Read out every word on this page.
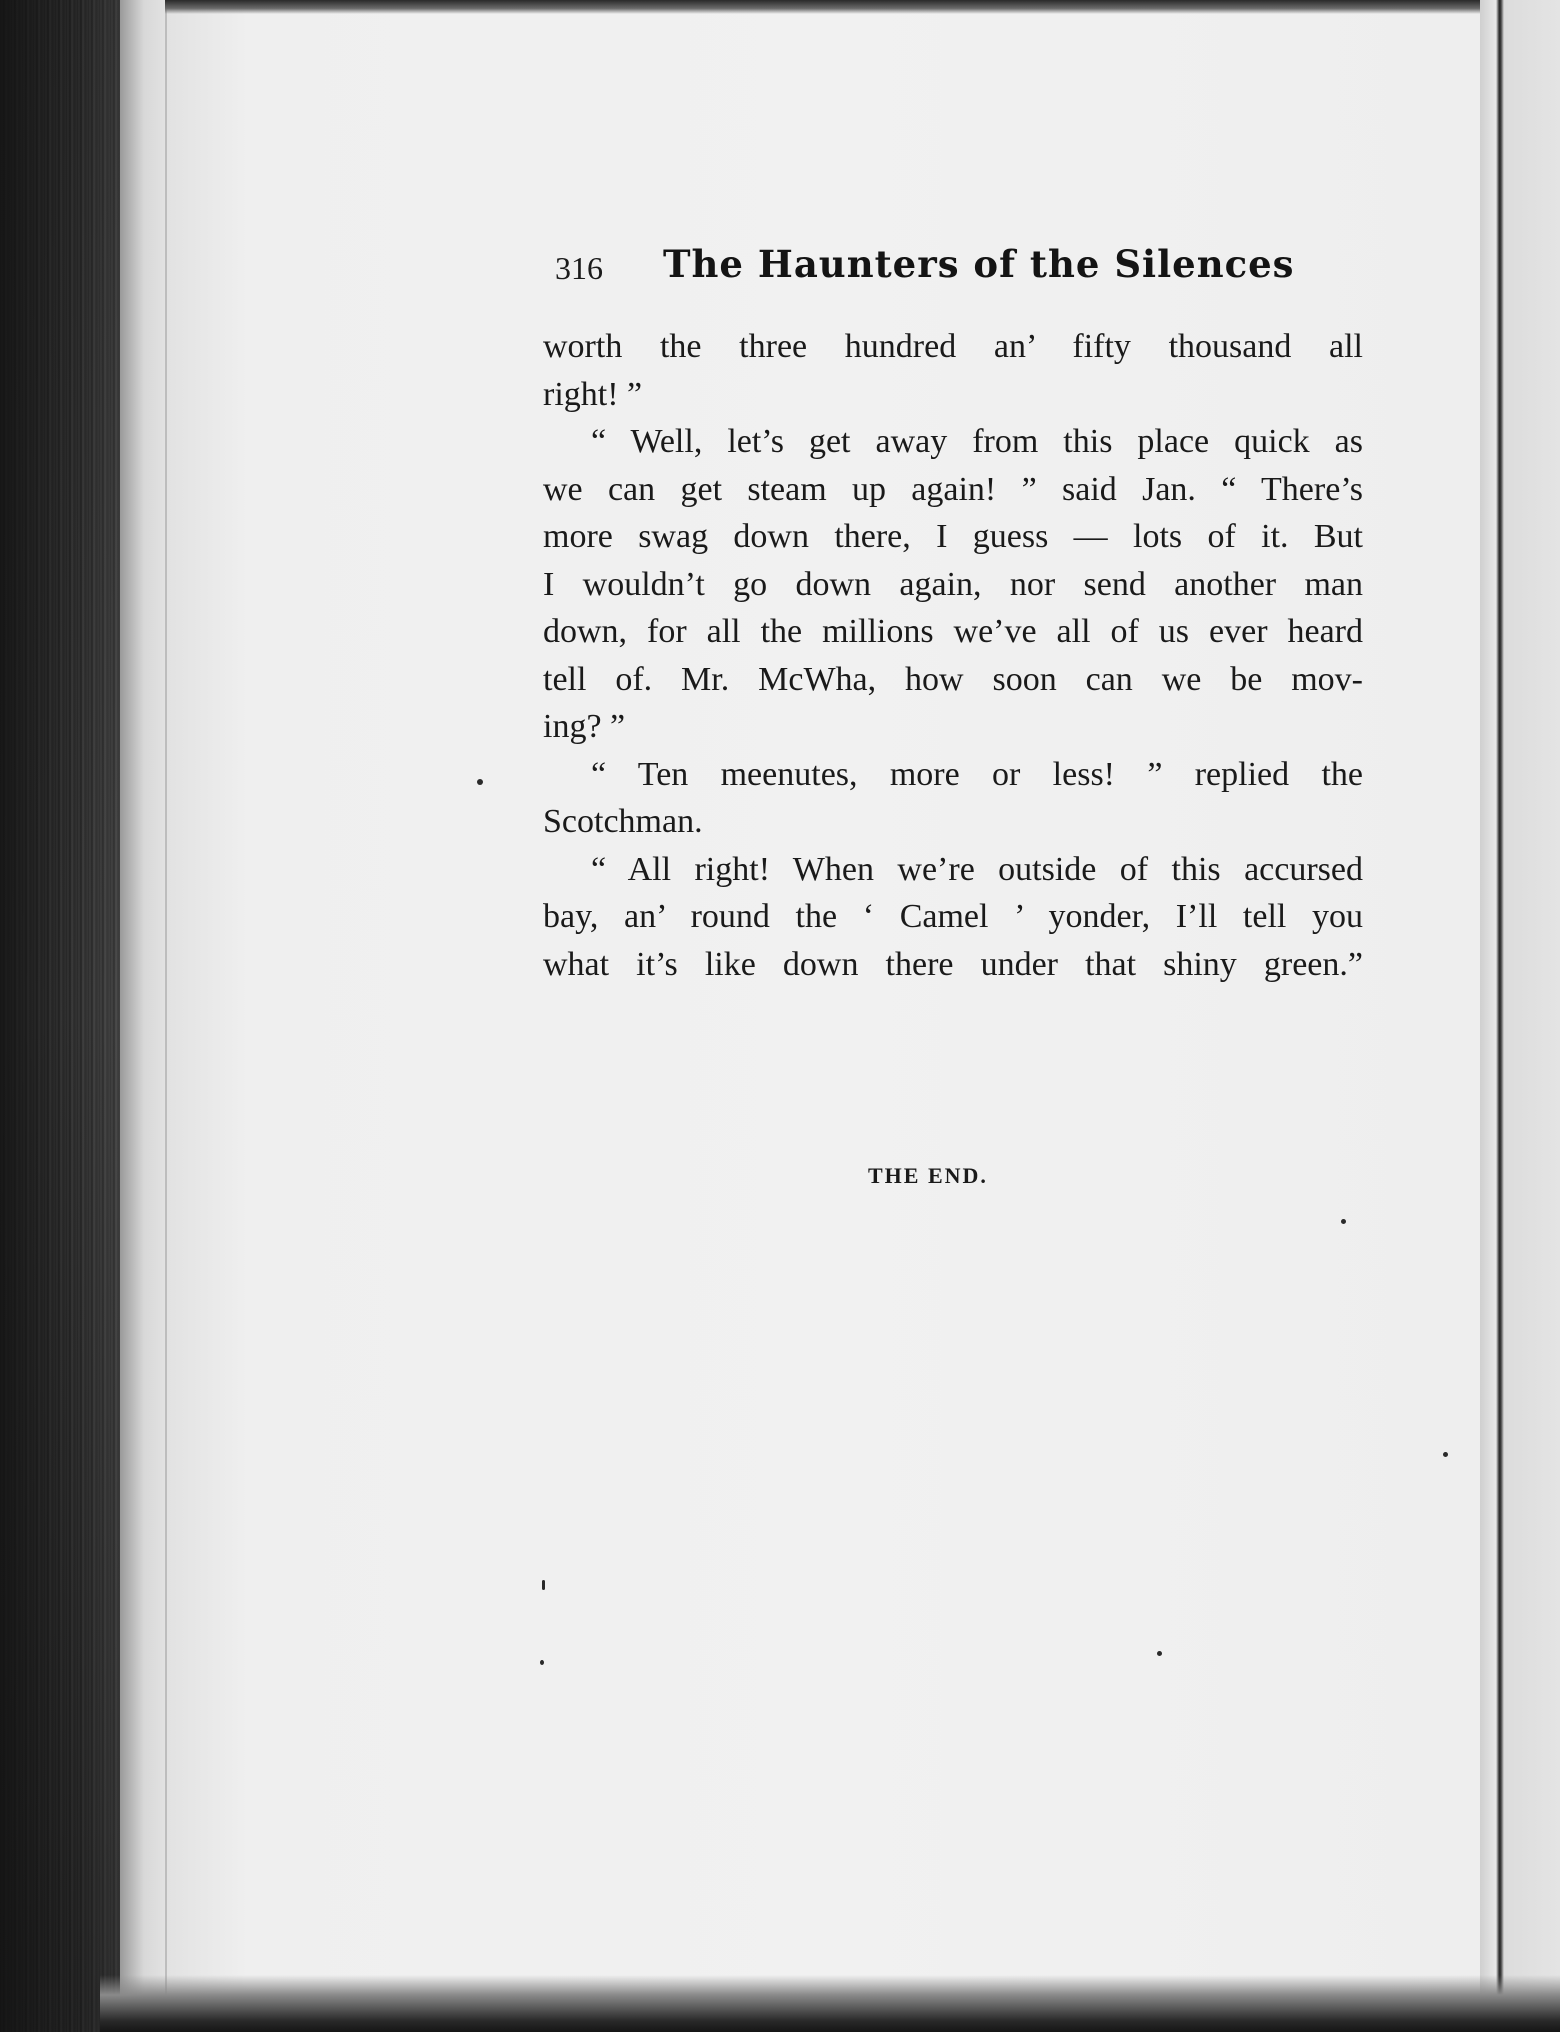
316 The Haunters of the Silences
worth the three hundred an’ fifty thousand all
right! ”
“ Well, let’s get away from this place quick as
we can get steam up again! ” said Jan. “ There’s
more swag down there, I guess — lots of it. But
I wouldn’t go down again, nor send another man
down, for all the millions we’ve all of us ever heard
tell of. Mr. McWha, how soon can we be mov-
ing? ”
“ Ten meenutes, more or less! ” replied the
Scotchman.
“ All right! When we’re outside of this accursed
bay, an’ round the ‘ Camel ’ yonder, I’ll tell you
what it’s like down there under that shiny green.”
THE END.
